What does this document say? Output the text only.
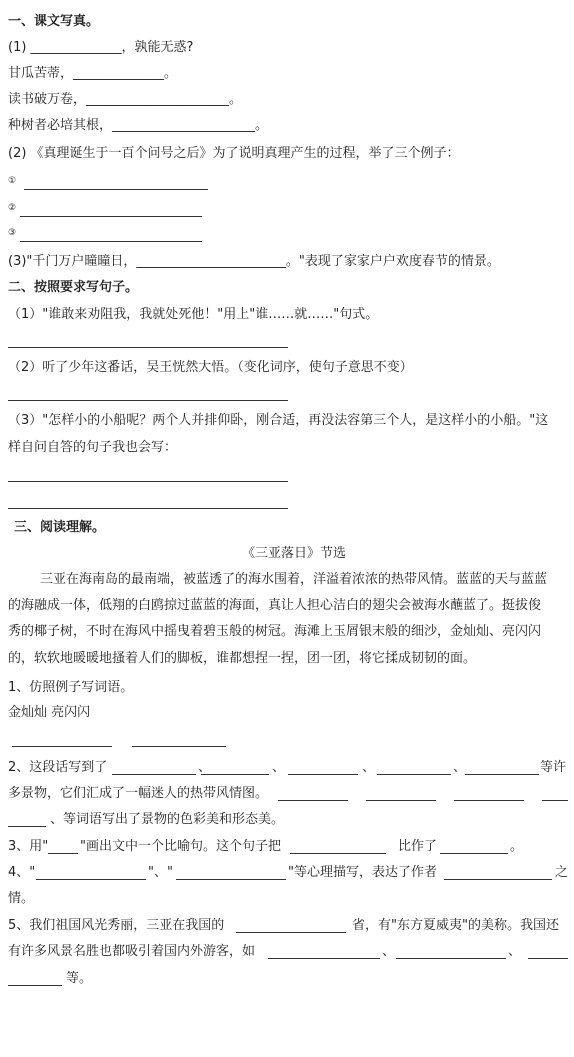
一、课文写真。
(1) ______________，孰能无惑?
甘瓜苦蒂，______________。
读书破万卷，______________________。
种树者必培其根，______________________。
(2) 《真理诞生于一百个问号之后》为了说明真理产生的过程，举了三个例子：
①
②
③
(3)"千门万户曈曈日，_______________________。"表现了家家户户欢度春节的情景。
二、按照要求写句子。
（1）"谁敢来劝阻我，我就处死他！"用上"谁……就……"句式。
（2）听了少年这番话，吴王恍然大悟。（变化词序，使句子意思不变）
（3）"怎样小的小船呢？两个人并排仰卧，刚合适，再没法容第三个人，是这样小的小船。"这
样自问自答的句子我也会写：
三、阅读理解。
《三亚落日》节选
三亚在海南岛的最南端，被蓝透了的海水围着，洋溢着浓浓的热带风情。蓝蓝的天与蓝蓝
的海融成一体，低翔的白鸥掠过蓝蓝的海面，真让人担心洁白的翅尖会被海水蘸蓝了。挺拔俊
秀的椰子树，不时在海风中摇曳着碧玉般的树冠。海滩上玉屑银末般的细沙，金灿灿、亮闪闪
的，软软地暖暖地搔着人们的脚板，谁都想捏一捏，团一团，将它揉成韧韧的面。
1、仿照例子写词语。
金灿灿 亮闪闪
2、这段话写到了	、	、	、	、	等许
多景物，它们汇成了一幅迷人的热带风情图。
、等词语写出了景物的色彩美和形态美。
3、用" "画出文中一个比喻句。这个句子把	比作了	。
4、"	"、"	"等心理描写，表达了作者	之
情。
5、我们祖国风光秀丽，三亚在我国的	省，有"东方夏威夷"的美称。我国还
有许多风景名胜也都吸引着国内外游客，如	、	、
等。
